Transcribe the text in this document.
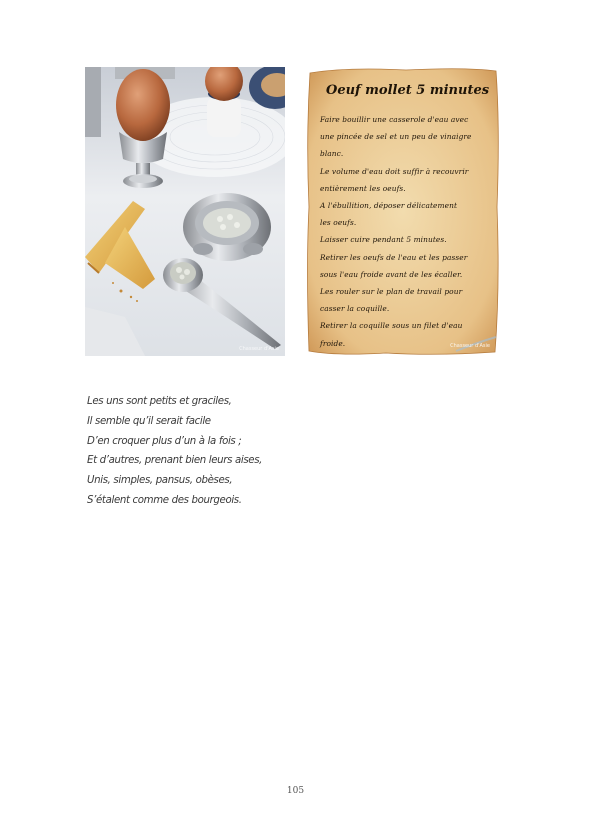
Chasseur d'Asie
Oeuf mollet 5 minutes
Faire bouillir une casserole d'eau avec
une pincée de sel et un peu de vinaigre
blanc.
Le volume d'eau doit suffir à recouvrir
entièrement les oeufs.
A l'ébullition, déposer délicatement
les oeufs.
Laisser cuire pendant 5 minutes.
Retirer les oeufs de l'eau et les passer
sous l'eau froide avant de les écaller.
Les rouler sur le plan de travail pour
casser la coquille.
Retirer la coquille sous un filet d'eau
froide.	Chasseur d'Asie
Les uns sont petits et graciles,
Il semble qu’il serait facile
D’en croquer plus d’un à la fois ;
Et d’autres, prenant bien leurs aises,
Unis, simples, pansus, obèses,
S’étalent comme des bourgeois.
105
